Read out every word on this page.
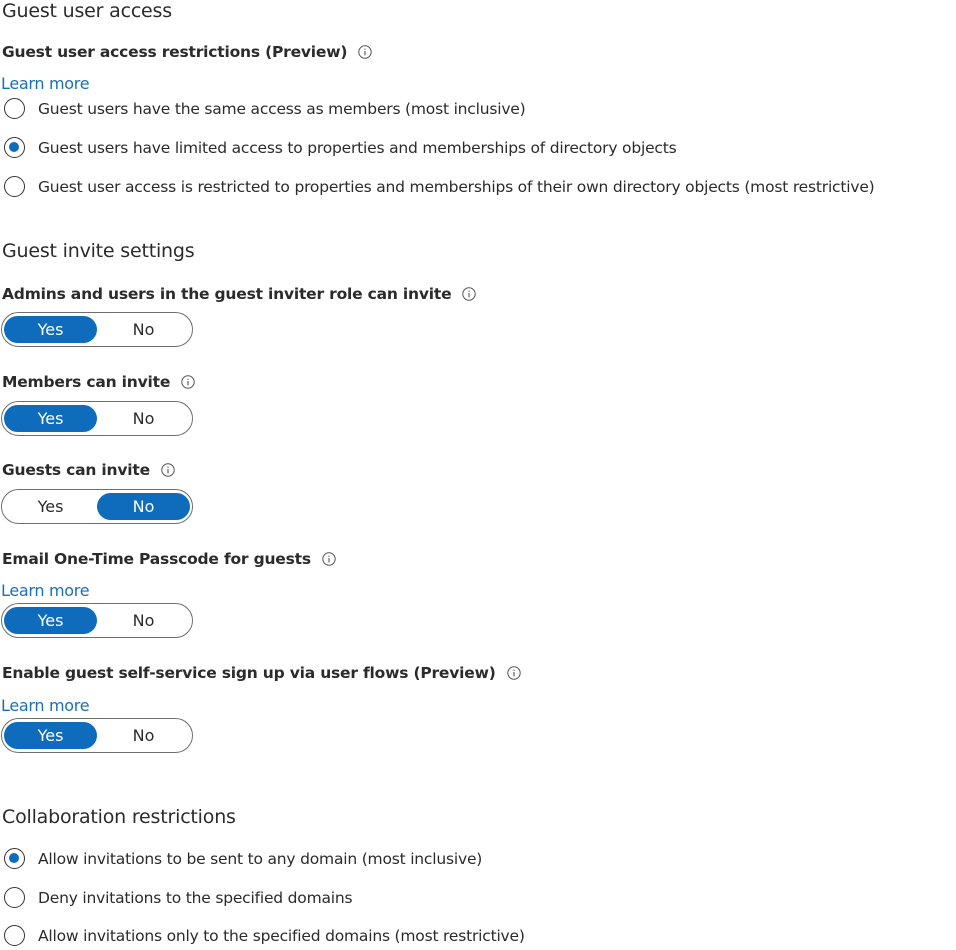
Guest user access
Guest user access restrictions (Preview)
Learn more
Guest users have the same access as members (most inclusive)
Guest users have limited access to properties and memberships of directory objects
Guest user access is restricted to properties and memberships of their own directory objects (most restrictive)
Guest invite settings
Admins and users in the guest inviter role can invite
Yes	No
Members can invite
Yes	No
Guests can invite
Yes	No
Email One-Time Passcode for guests
Learn more
Yes	No
Enable guest self-service sign up via user flows (Preview)
Learn more
Yes	No
Collaboration restrictions
Allow invitations to be sent to any domain (most inclusive)
Deny invitations to the specified domains
Allow invitations only to the specified domains (most restrictive)
